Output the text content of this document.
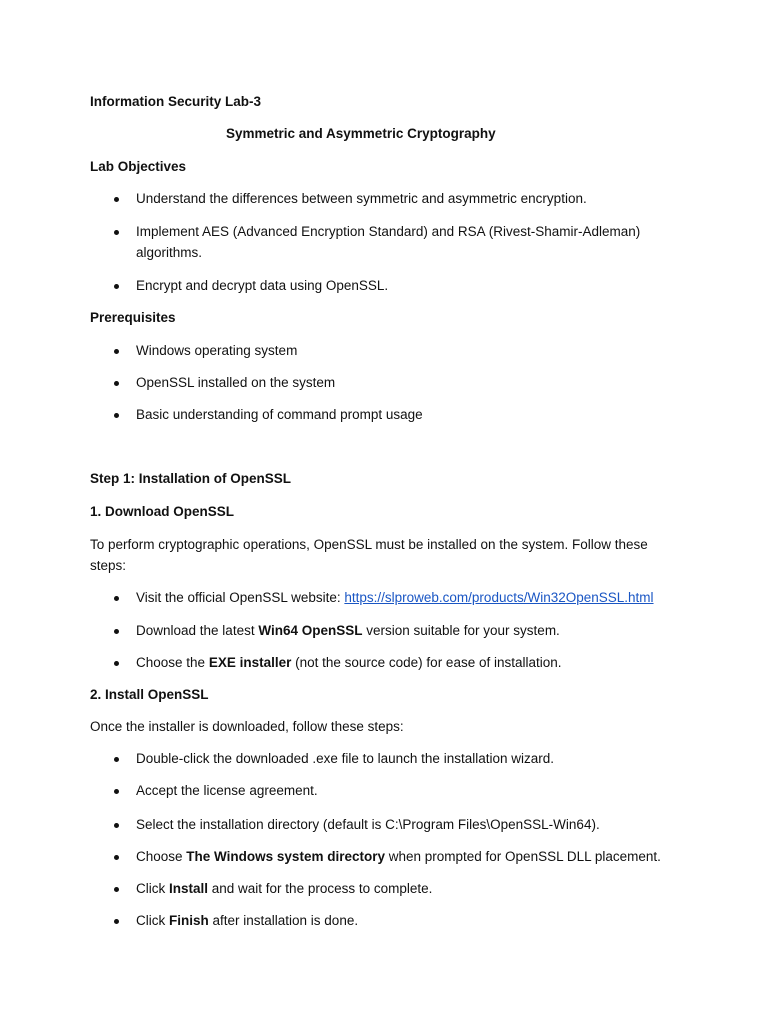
Information Security Lab-3
Symmetric and Asymmetric Cryptography
Lab Objectives
Understand the differences between symmetric and asymmetric encryption.
Implement AES (Advanced Encryption Standard) and RSA (Rivest-Shamir-Adleman)
algorithms.
Encrypt and decrypt data using OpenSSL.
Prerequisites
Windows operating system
OpenSSL installed on the system
Basic understanding of command prompt usage
Step 1: Installation of OpenSSL
1. Download OpenSSL
To perform cryptographic operations, OpenSSL must be installed on the system. Follow these
steps:
Visit the official OpenSSL website: https://slproweb.com/products/Win32OpenSSL.html
Download the latest Win64 OpenSSL version suitable for your system.
Choose the EXE installer (not the source code) for ease of installation.
2. Install OpenSSL
Once the installer is downloaded, follow these steps:
Double-click the downloaded .exe file to launch the installation wizard.
Accept the license agreement.
Select the installation directory (default is C:\Program Files\OpenSSL-Win64).
Choose The Windows system directory when prompted for OpenSSL DLL placement.
Click Install and wait for the process to complete.
Click Finish after installation is done.
